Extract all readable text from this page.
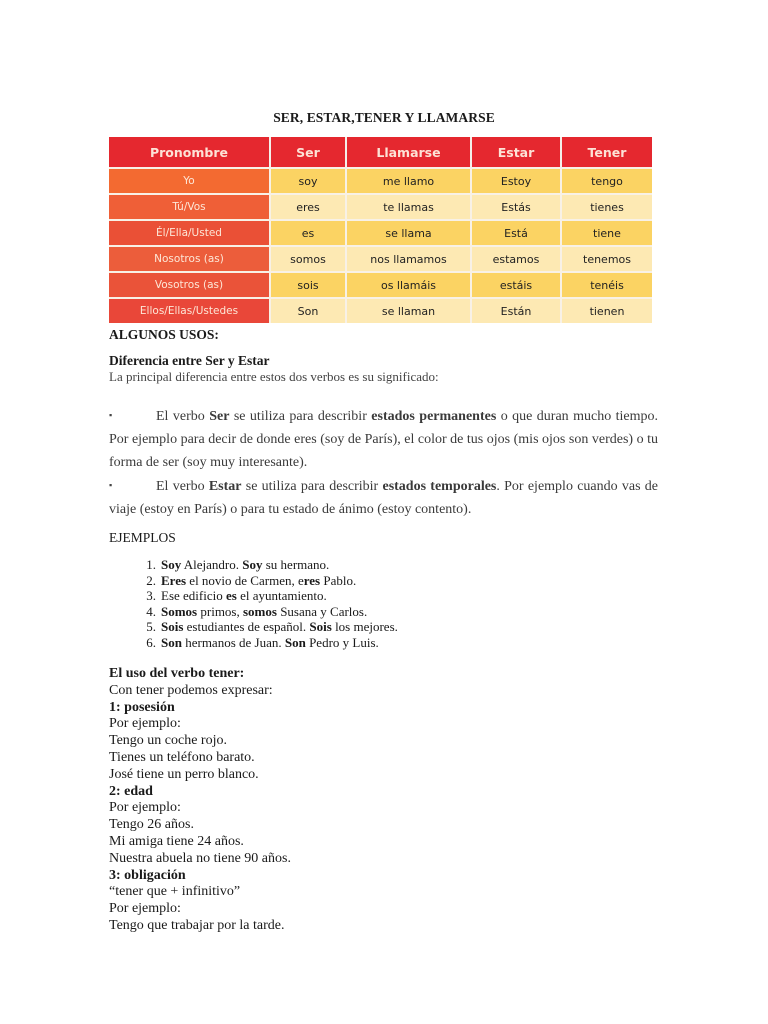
SER, ESTAR,TENER Y LLAMARSE
Pronombre	Ser	Llamarse	Estar	Tener
Yo	soy	me llamo	Estoy	tengo
Tú/Vos	eres	te llamas	Estás	tienes
Él/Ella/Usted	es	se llama	Está	tiene
Nosotros (as)	somos	nos llamamos	estamos	tenemos
Vosotros (as)	sois	os llamáis	estáis	tenéis
Ellos/Ellas/Ustedes	Son	se llaman	Están	tienen
ALGUNOS USOS:
Diferencia entre Ser y Estar
La principal diferencia entre estos dos verbos es su significado:

▪	El verbo Ser se utiliza para describir estados permanentes o que duran mucho tiempo. Por ejemplo para decir de donde eres (soy de París), el color de tus ojos (mis ojos son verdes) o tu forma de ser (soy muy interesante).

▪	El verbo Estar se utiliza para describir estados temporales. Por ejemplo cuando vas de viaje (estoy en París) o para tu estado de ánimo (estoy contento).

EJEMPLOS
1. Soy Alejandro. Soy su hermano.
2. Eres el novio de Carmen, eres Pablo.
3. Ese edificio es el ayuntamiento.
4. Somos primos, somos Susana y Carlos.
5. Sois estudiantes de español. Sois los mejores.
6. Son hermanos de Juan. Son Pedro y Luis.
El uso del verbo tener:
Con tener podemos expresar:
1: posesión
Por ejemplo:
Tengo un coche rojo.
Tienes un teléfono barato.
José tiene un perro blanco.
2: edad
Por ejemplo:
Tengo 26 años.
Mi amiga tiene 24 años.
Nuestra abuela no tiene 90 años.
3: obligación
“tener que + infinitivo”
Por ejemplo:
Tengo que trabajar por la tarde.
